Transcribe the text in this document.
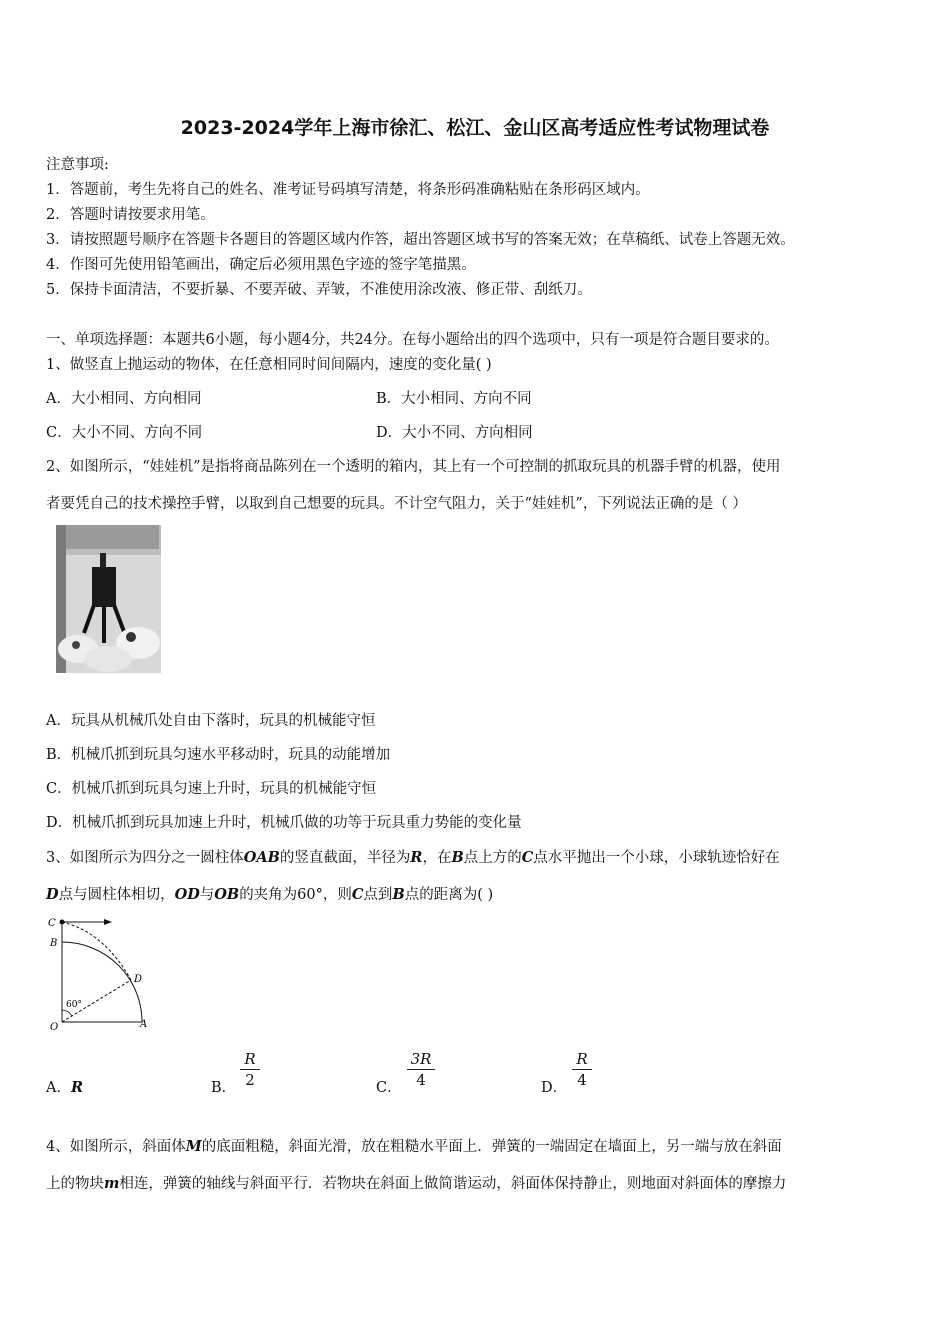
2023-2024学年上海市徐汇、松江、金山区高考适应性考试物理试卷
注意事项:
1．答题前，考生先将自己的姓名、准考证号码填写清楚，将条形码准确粘贴在条形码区域内。
2．答题时请按要求用笔。
3．请按照题号顺序在答题卡各题目的答题区域内作答，超出答题区域书写的答案无效；在草稿纸、试卷上答题无效。
4．作图可先使用铅笔画出，确定后必须用黑色字迹的签字笔描黑。
5．保持卡面清洁，不要折暴、不要弄破、弄皱，不准使用涂改液、修正带、刮纸刀。
一、单项选择题：本题共6小题，每小题4分，共24分。在每小题给出的四个选项中，只有一项是符合题目要求的。
1、做竖直上抛运动的物体，在任意相同时间间隔内，速度的变化量( )
A．大小相同、方向相同	B．大小相同、方向不同
C．大小不同、方向不同	D．大小不同、方向相同
2、如图所示，“娃娃机”是指将商品陈列在一个透明的箱内，其上有一个可控制的抓取玩具的机器手臂的机器，使用
者要凭自己的技术操控手臂，以取到自己想要的玩具。不计空气阻力，关于“娃娃机”，下列说法正确的是（ ）
A．玩具从机械爪处自由下落时，玩具的机械能守恒
B．机械爪抓到玩具匀速水平移动时，玩具的动能增加
C．机械爪抓到玩具匀速上升时，玩具的机械能守恒
D．机械爪抓到玩具加速上升时，机械爪做的功等于玩具重力势能的变化量
3、如图所示为四分之一圆柱体OAB的竖直截面，半径为R，在B点上方的C点水平抛出一个小球，小球轨迹恰好在
D点与圆柱体相切，OD与OB的夹角为60°，则C点到B点的距离为( )
C
B
D
O	A
60°
A．R	B．
R
2	C．
3R
4	D．
R
4
4、如图所示，斜面体M的底面粗糙，斜面光滑，放在粗糙水平面上．弹簧的一端固定在墙面上，另一端与放在斜面
上的物块m相连，弹簧的轴线与斜面平行．若物块在斜面上做简谐运动，斜面体保持静止，则地面对斜面体的摩擦力
